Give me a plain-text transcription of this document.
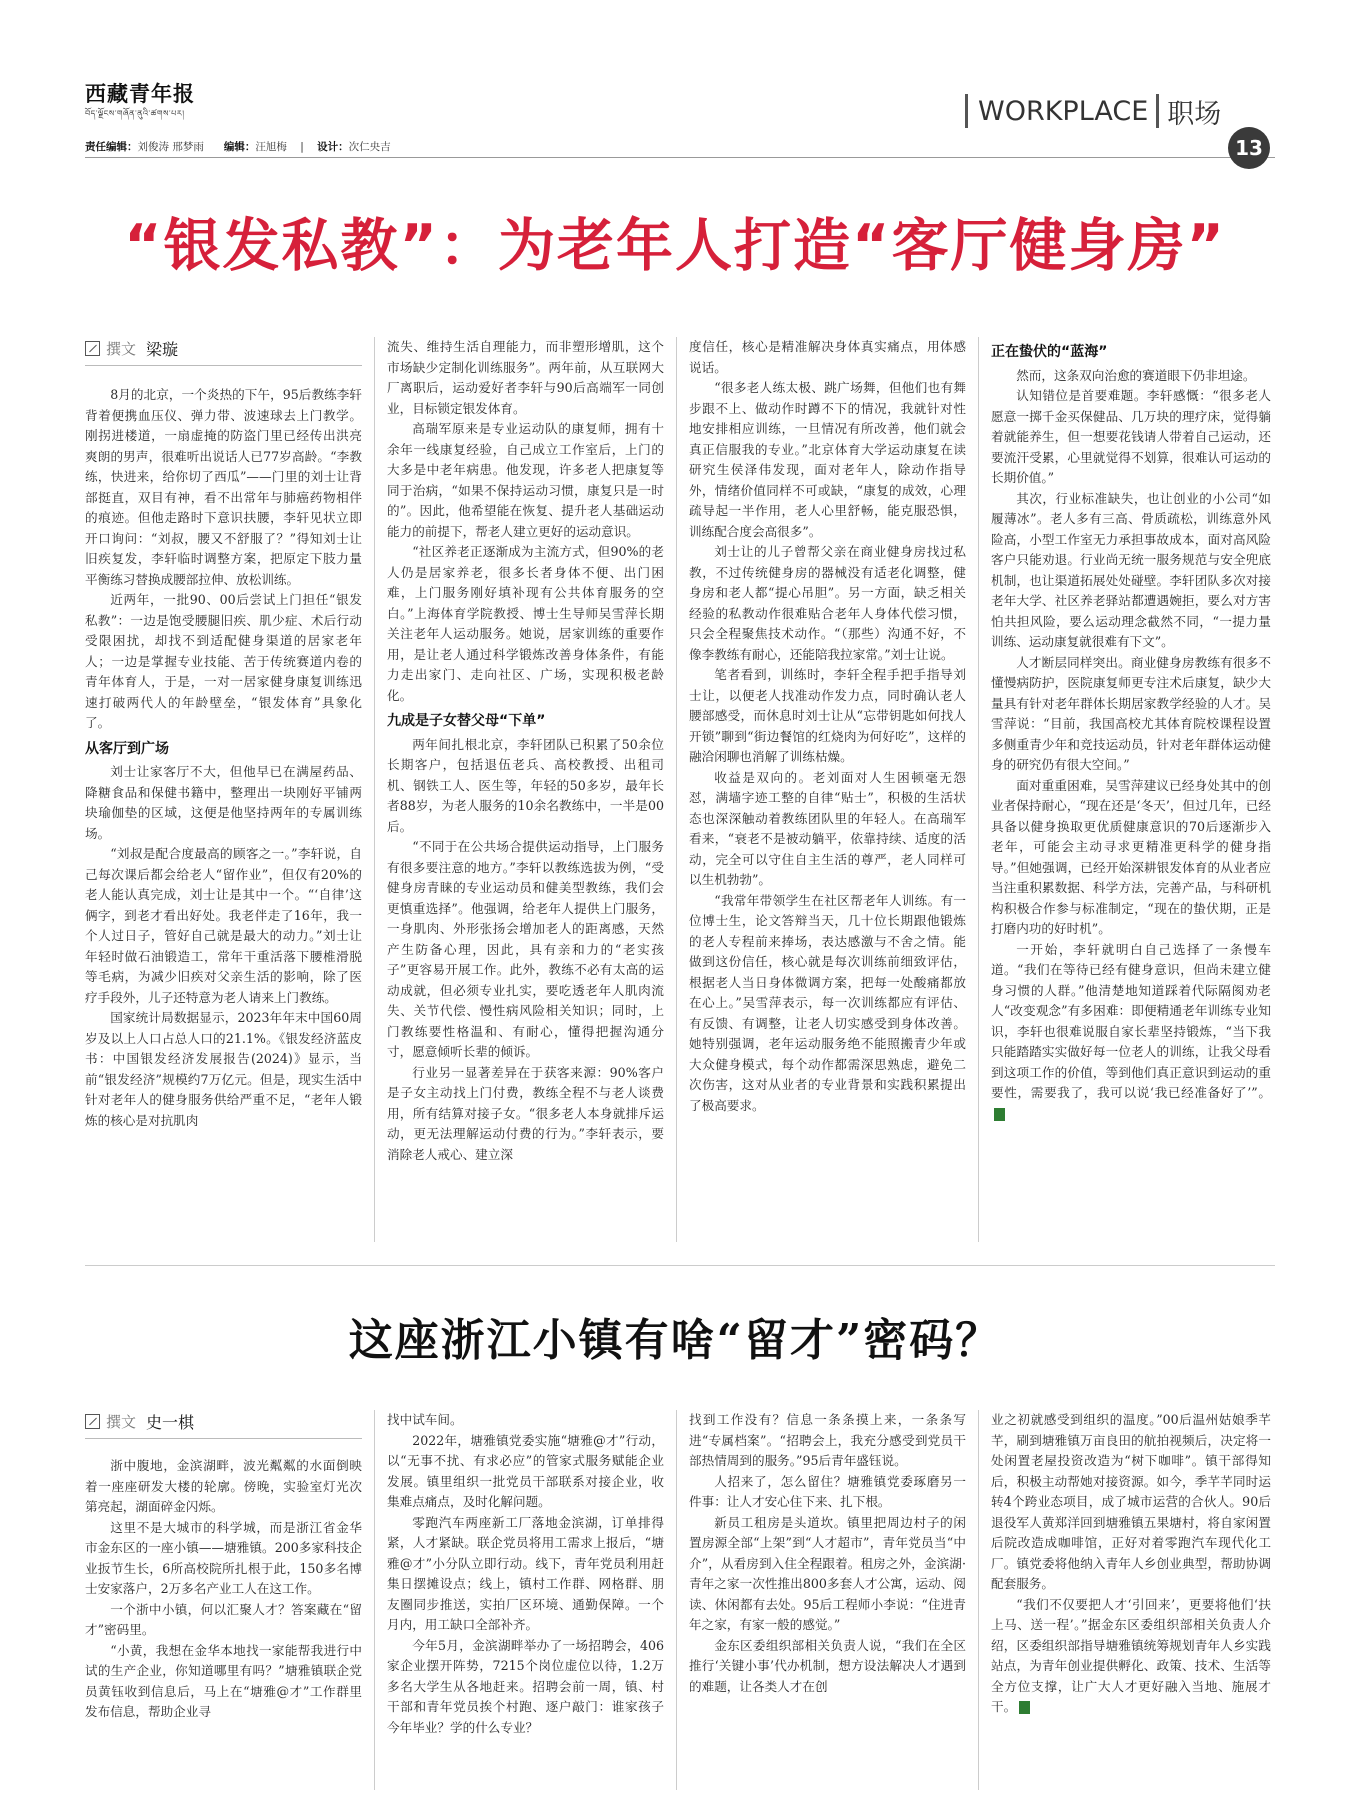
西藏青年报
བོད་ལྗོངས་གཞོན་ནུའི་ཚགས་པར།
责任编辑：刘俊涛 邢梦雨 编辑：汪旭梅    |    设计：次仁央吉
WORKPLACE 职场
13
“银发私教”：为老年人打造“客厅健身房”
撰文 梁璇

8月的北京，一个炎热的下午，95后教练李轩背着便携血压仪、弹力带、波速球去上门教学。刚拐进楼道，一扇虚掩的防盗门里已经传出洪亮爽朗的男声，很难听出说话人已77岁高龄。“李教练，快进来，给你切了西瓜”——门里的刘士让背部挺直，双目有神，看不出常年与肺癌药物相伴的痕迹。但他走路时下意识扶腰，李轩见状立即开口询问：“刘叔，腰又不舒服了？”得知刘士让旧疾复发，李轩临时调整方案，把原定下肢力量平衡练习替换成腰部拉伸、放松训练。

近两年，一批90、00后尝试上门担任“银发私教”：一边是饱受腰腿旧疾、肌少症、术后行动受限困扰，却找不到适配健身渠道的居家老年人；一边是掌握专业技能、苦于传统赛道内卷的青年体育人，于是，一对一居家健身康复训练迅速打破两代人的年龄壁垒，“银发体育”具象化了。

从客厅到广场

刘士让家客厅不大，但他早已在满屋药品、降糖食品和保健书籍中，整理出一块刚好平铺两块瑜伽垫的区域，这便是他坚持两年的专属训练场。

“刘叔是配合度最高的顾客之一。”李轩说，自己每次课后都会给老人“留作业”，但仅有20%的老人能认真完成，刘士让是其中一个。“‘自律’这俩字，到老才看出好处。我老伴走了16年，我一个人过日子，管好自己就是最大的动力。”刘士让年轻时做石油锻造工，常年干重活落下腰椎滑脱等毛病，为减少旧疾对父亲生活的影响，除了医疗手段外，儿子还特意为老人请来上门教练。

国家统计局数据显示，2023年年末中国60周岁及以上人口占总人口的21.1%。《银发经济蓝皮书：中国银发经济发展报告(2024)》显示，当前“银发经济”规模约7万亿元。但是，现实生活中针对老年人的健身服务供给严重不足，“老年人锻炼的核心是对抗肌肉

流失、维持生活自理能力，而非塑形增肌，这个市场缺少定制化训练服务”。两年前，从互联网大厂离职后，运动爱好者李轩与90后高端军一同创业，目标锁定银发体育。

高瑞军原来是专业运动队的康复师，拥有十余年一线康复经验，自己成立工作室后，上门的大多是中老年病患。他发现，许多老人把康复等同于治病，“如果不保持运动习惯，康复只是一时的”。因此，他希望能在恢复、提升老人基础运动能力的前提下，帮老人建立更好的运动意识。

“社区养老正逐渐成为主流方式，但90%的老人仍是居家养老，很多长者身体不便、出门困难，上门服务刚好填补现有公共体育服务的空白。”上海体育学院教授、博士生导师吴雪萍长期关注老年人运动服务。她说，居家训练的重要作用，是让老人通过科学锻炼改善身体条件，有能力走出家门、走向社区、广场，实现积极老龄化。

九成是子女替父母“下单”

两年间扎根北京，李轩团队已积累了50余位长期客户，包括退伍老兵、高校教授、出租司机、钢铁工人、医生等，年轻的50多岁，最年长者88岁，为老人服务的10余名教练中，一半是00后。

“不同于在公共场合提供运动指导，上门服务有很多要注意的地方。”李轩以教练选拔为例，“受健身房青睐的专业运动员和健美型教练，我们会更慎重选择”。他强调，给老年人提供上门服务，一身肌肉、外形张扬会增加老人的距离感，天然产生防备心理，因此，具有亲和力的“老实孩子”更容易开展工作。此外，教练不必有太高的运动成就，但必须专业扎实，要吃透老年人肌肉流失、关节代偿、慢性病风险相关知识；同时，上门教练要性格温和、有耐心，懂得把握沟通分寸，愿意倾听长辈的倾诉。

行业另一显著差异在于获客来源：90%客户是子女主动找上门付费，教练全程不与老人谈费用，所有结算对接子女。“很多老人本身就排斥运动，更无法理解运动付费的行为。”李轩表示，要消除老人戒心、建立深

度信任，核心是精准解决身体真实痛点，用体感说话。

“很多老人练太极、跳广场舞，但他们也有舞步跟不上、做动作时蹲不下的情况，我就针对性地安排相应训练，一旦情况有所改善，他们就会真正信服我的专业。”北京体育大学运动康复在读研究生侯泽伟发现，面对老年人，除动作指导外，情绪价值同样不可或缺，“康复的成效，心理疏导起一半作用，老人心里舒畅，能克服恐惧，训练配合度会高很多”。

刘士让的儿子曾帮父亲在商业健身房找过私教，不过传统健身房的器械没有适老化调整，健身房和老人都“提心吊胆”。另一方面，缺乏相关经验的私教动作很难贴合老年人身体代偿习惯，只会全程聚焦技术动作。“（那些）沟通不好，不像李教练有耐心，还能陪我拉家常。”刘士让说。

笔者看到，训练时，李轩全程手把手指导刘士让，以便老人找准动作发力点，同时确认老人腰部感受，而休息时刘士让从“忘带钥匙如何找人开锁”聊到“街边餐馆的红烧肉为何好吃”，这样的融洽闲聊也消解了训练枯燥。

收益是双向的。老刘面对人生困顿毫无怨怼，满墙字迹工整的自律“贴士”，积极的生活状态也深深触动着教练团队里的年轻人。在高瑞军看来，“衰老不是被动躺平，依靠持续、适度的活动，完全可以守住自主生活的尊严，老人同样可以生机勃勃”。

“我常年带领学生在社区帮老年人训练。有一位博士生，论文答辩当天，几十位长期跟他锻炼的老人专程前来捧场，表达感激与不舍之情。能做到这份信任，核心就是每次训练前细致评估，根据老人当日身体微调方案，把每一处酸痛都放在心上。”吴雪萍表示，每一次训练都应有评估、有反馈、有调整，让老人切实感受到身体改善。她特别强调，老年运动服务绝不能照搬青少年或大众健身模式，每个动作都需深思熟虑，避免二次伤害，这对从业者的专业背景和实践积累提出了极高要求。

正在蛰伏的“蓝海”

然而，这条双向治愈的赛道眼下仍非坦途。

认知错位是首要难题。李轩感慨：“很多老人愿意一掷千金买保健品、几万块的理疗床，觉得躺着就能养生，但一想要花钱请人带着自己运动，还要流汗受累，心里就觉得不划算，很难认可运动的长期价值。”

其次，行业标准缺失，也让创业的小公司“如履薄冰”。老人多有三高、骨质疏松，训练意外风险高，小型工作室无力承担事故成本，面对高风险客户只能劝退。行业尚无统一服务规范与安全兜底机制，也让渠道拓展处处碰壁。李轩团队多次对接老年大学、社区养老驿站都遭遇婉拒，要么对方害怕共担风险，要么运动理念截然不同，“一提力量训练、运动康复就很难有下文”。

人才断层同样突出。商业健身房教练有很多不懂慢病防护，医院康复师更专注术后康复，缺少大量具有针对老年群体长期居家教学经验的人才。吴雪萍说：“目前，我国高校尤其体育院校课程设置多侧重青少年和竞技运动员，针对老年群体运动健身的研究仍有很大空间。”

面对重重困难，吴雪萍建议已经身处其中的创业者保持耐心，“现在还是‘冬天’，但过几年，已经具备以健身换取更优质健康意识的70后逐渐步入老年，可能会主动寻求更精准更科学的健身指导。”但她强调，已经开始深耕银发体育的从业者应当注重积累数据、科学方法，完善产品，与科研机构积极合作参与标准制定，“现在的蛰伏期，正是打磨内功的好时机”。

一开始，李轩就明白自己选择了一条慢车道。“我们在等待已经有健身意识，但尚未建立健身习惯的人群。”他清楚地知道踩着代际隔阂劝老人“改变观念”有多困难：即便精通老年训练专业知识，李轩也很难说服自家长辈坚持锻炼，“当下我只能踏踏实实做好每一位老人的训练，让我父母看到这项工作的价值，等到他们真正意识到运动的重要性，需要我了，我可以说‘我已经准备好了’”。

这座浙江小镇有啥“留才”密码？
撰文 史一棋

浙中腹地，金滨湖畔，波光粼粼的水面倒映着一座座研发大楼的轮廓。傍晚，实验室灯光次第亮起，湖面碎金闪烁。

这里不是大城市的科学城，而是浙江省金华市金东区的一座小镇——塘雅镇。200多家科技企业扳节生长，6所高校院所扎根于此，150多名博士安家落户，2万多名产业工人在这工作。

一个浙中小镇，何以汇聚人才？答案藏在“留才”密码里。

“小黄，我想在金华本地找一家能帮我进行中试的生产企业，你知道哪里有吗？”塘雅镇联企党员黄钰收到信息后，马上在“塘雅@才”工作群里发布信息，帮助企业寻

找中试车间。

2022年，塘雅镇党委实施“塘雅@才”行动，以“无事不扰、有求必应”的管家式服务赋能企业发展。镇里组织一批党员干部联系对接企业，收集难点痛点，及时化解问题。

零跑汽车两座新工厂落地金滨湖，订单排得紧，人才紧缺。联企党员将用工需求上报后，“塘雅@才”小分队立即行动。线下，青年党员利用赶集日摆摊设点；线上，镇村工作群、网格群、朋友圈同步推送，实拍厂区环境、通勤保障。一个月内，用工缺口全部补齐。

今年5月，金滨湖畔举办了一场招聘会，406家企业摆开阵势，7215个岗位虚位以待，1.2万多名大学生从各地赶来。招聘会前一周，镇、村干部和青年党员挨个村跑、逐户敲门：谁家孩子今年毕业？学的什么专业？

找到工作没有？信息一条条摸上来，一条条写进“专属档案”。“招聘会上，我充分感受到党员干部热情周到的服务。”95后青年盛钰说。

人招来了，怎么留住？塘雅镇党委琢磨另一件事：让人才安心住下来、扎下根。

新员工租房是头道坎。镇里把周边村子的闲置房源全部“上架”到“人才超市”，青年党员当“中介”，从看房到入住全程跟着。租房之外，金滨湖·青年之家一次性推出800多套人才公寓，运动、阅读、休闲都有去处。95后工程师小李说：“住进青年之家，有家一般的感觉。”

金东区委组织部相关负责人说，“我们在全区推行‘关键小事’代办机制，想方设法解决人才遇到的难题，让各类人才在创

业之初就感受到组织的温度。”00后温州姑娘季芊芊，刷到塘雅镇万亩良田的航拍视频后，决定将一处闲置老屋投资改造为“树下咖啡”。镇干部得知后，积极主动帮她对接资源。如今，季芊芊同时运转4个跨业态项目，成了城市运营的合伙人。90后退役军人黄郑洋回到塘雅镇五果塘村，将自家闲置后院改造成咖啡馆，正好对着零跑汽车现代化工厂。镇党委将他纳入青年人乡创业典型，帮助协调配套服务。

“我们不仅要把人才‘引回来’，更要将他们‘扶上马、送一程’。”据金东区委组织部相关负责人介绍，区委组织部指导塘雅镇统筹规划青年人乡实践站点，为青年创业提供孵化、政策、技术、生活等全方位支撑，让广大人才更好融入当地、施展才干。
